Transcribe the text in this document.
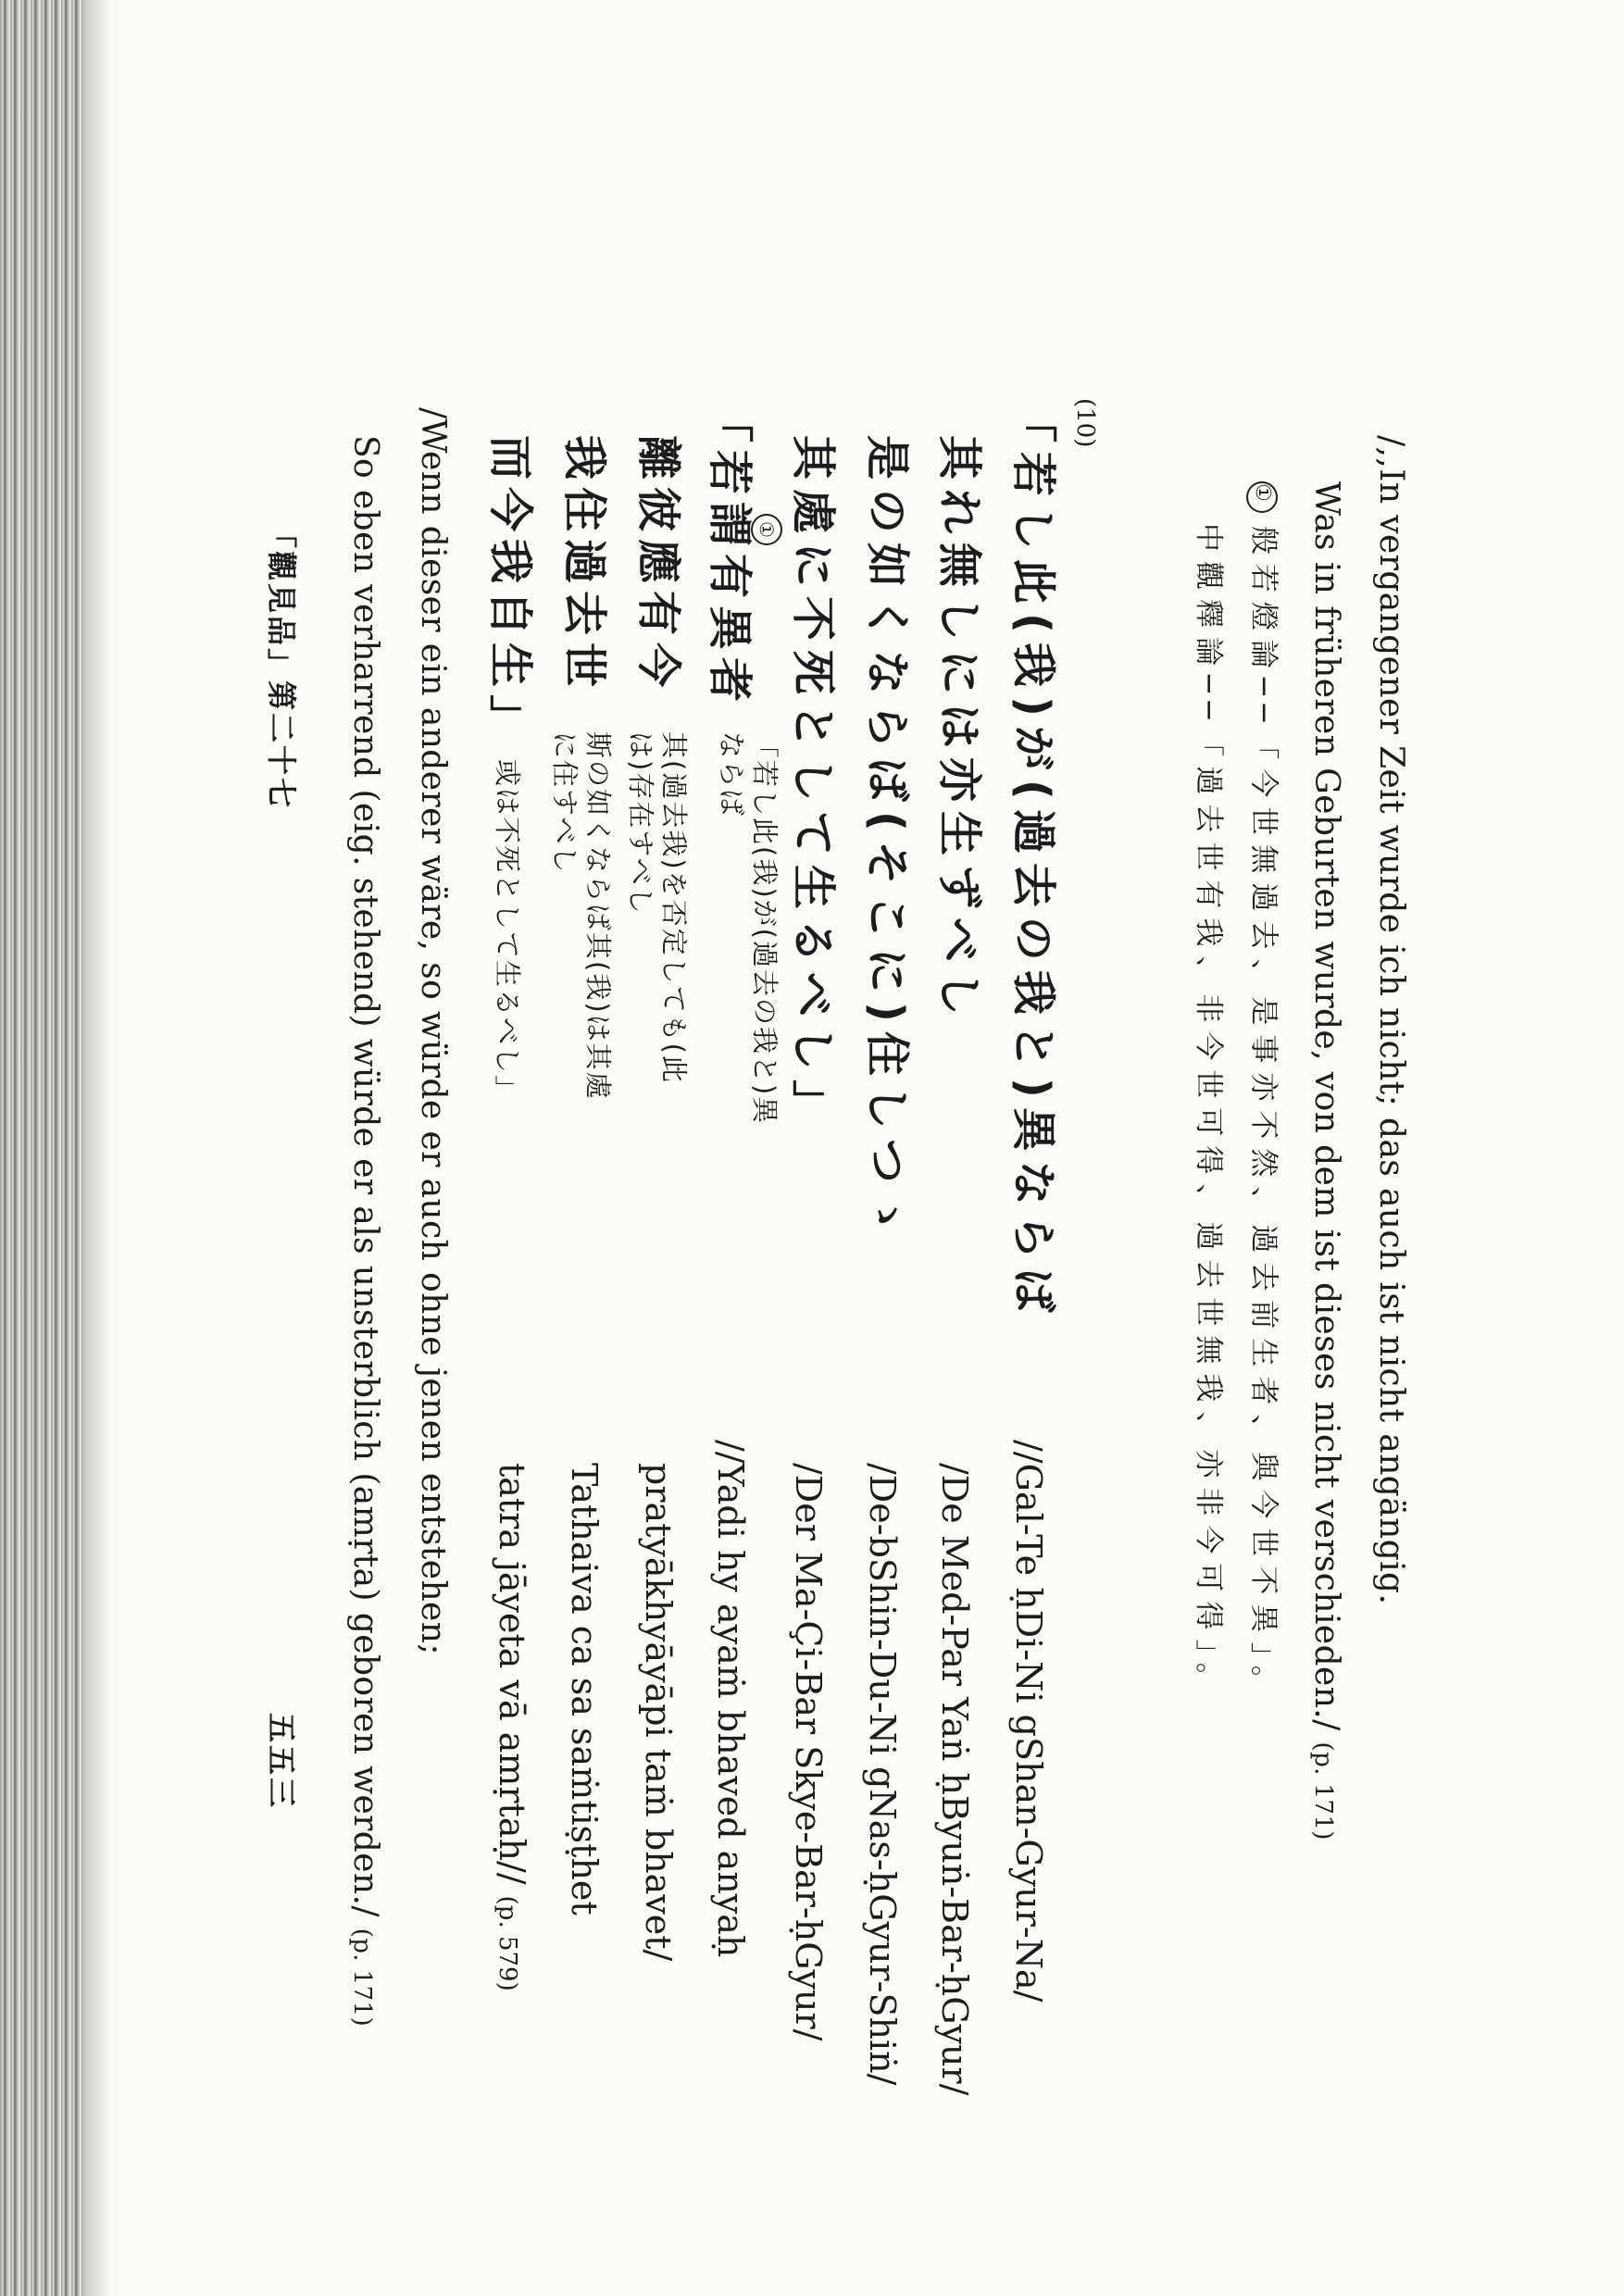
/,,In vergangener Zeit wurde ich nicht; das auch ist nicht angängig.
Was in früheren Geburten wurde, von dem ist dieses nicht verschieden./ (p. 171)
①般若燈論──「今世無過去、是事亦不然、過去前生者、與今世不異」。
中觀釋論──「過去世有我、非今世可得、過去世無我、亦非今可得」。
(10)
「若し此(我)が(過去の我と)異ならば
其れ無しには亦生ずべし
是の如くならば(そこに)住しつゝ
其處に不死として生るべし」
//Gal-Te ḥDi-Ni gShan-Gyur-Na/
/De Med-Par Yaṅ ḥByuṅ-Bar-ḥGyur/
/De-bShin-Du-Ni gNas-ḥGyur-Shiṅ/
/Der Ma-Çi-Bar Skye-Bar-ḥGyur/
①
「若謂有異者
離彼應有今
我住過去世
而今我自生」
「若し此(我)が(過去の我と)異
ならば
其(過去我)を否定しても(此
は)存在すべし
斯の如くならば其(我)は其處
に住すべし
或は不死として生るべし」
//Yadi hy ayaṁ bhaved anyaḥ
pratyākhyāyāpi taṁ bhavet/
Tathaiva ca sa saṁtiṣṭhet
tatra jāyeta vā amṛtaḥ// (p. 579)
/Wenn dieser ein anderer wäre, so würde er auch ohne jenen entstehen;
So eben verharrend (eig. stehend) würde er als unsterblich (amṛta) geboren werden./ (p. 171)
「觀見品」第二十七
五五三
